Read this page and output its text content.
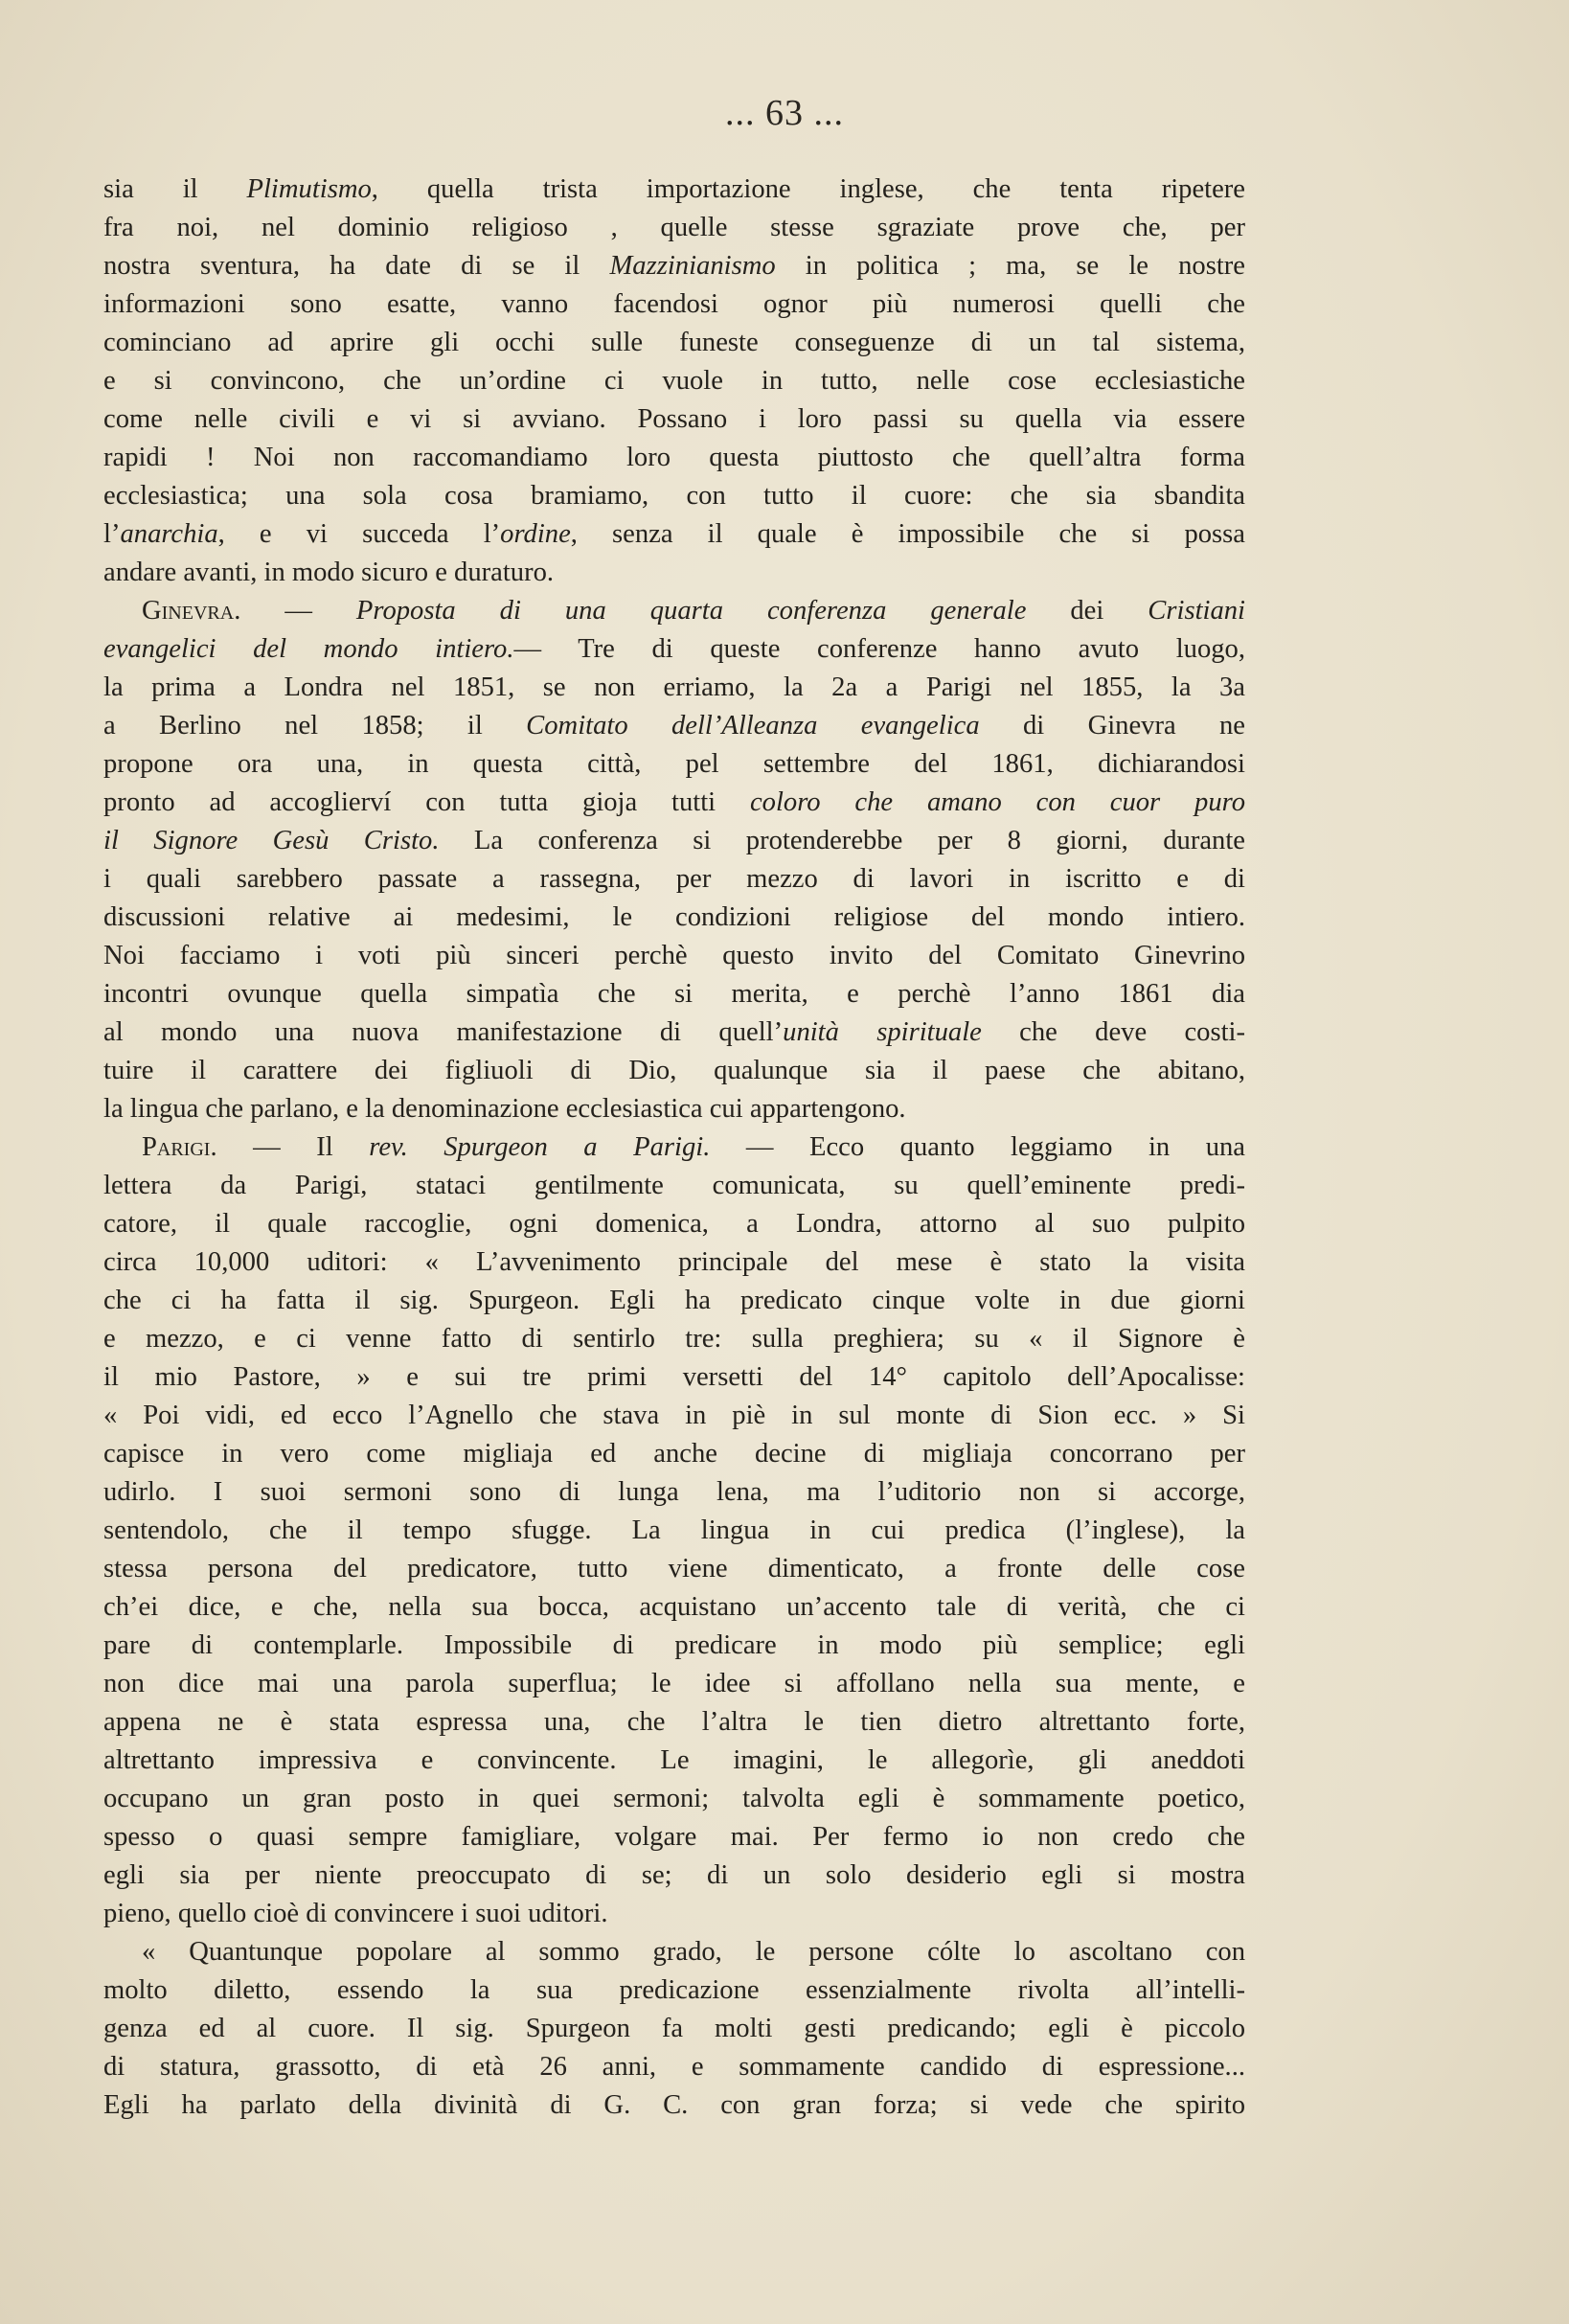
... 63 ...
sia il Plimutismo, quella trista importazione inglese, che tenta ripetere
fra noi, nel dominio religioso , quelle stesse sgraziate prove che, per
nostra sventura, ha date di se il Mazzinianismo in politica ; ma, se le nostre
informazioni sono esatte, vanno facendosi ognor più numerosi quelli che
cominciano ad aprire gli occhi sulle funeste conseguenze di un tal sistema,
e si convincono, che un’ordine ci vuole in tutto, nelle cose ecclesiastiche
come nelle civili e vi si avviano. Possano i loro passi su quella via essere
rapidi ! Noi non raccomandiamo loro questa piuttosto che quell’altra forma
ecclesiastica; una sola cosa bramiamo, con tutto il cuore: che sia sbandita
l’anarchia, e vi succeda l’ordine, senza il quale è impossibile che si possa
andare avanti, in modo sicuro e duraturo.
Ginevra. — Proposta di una quarta conferenza generale dei Cristiani
evangelici del mondo intiero.— Tre di queste conferenze hanno avuto luogo,
la prima a Londra nel 1851, se non erriamo, la 2a a Parigi nel 1855, la 3a
a Berlino nel 1858; il Comitato dell’Alleanza evangelica di Ginevra ne
propone ora una, in questa città, pel settembre del 1861, dichiarandosi
pronto ad accoglierví con tutta gioja tutti coloro che amano con cuor puro
il Signore Gesù Cristo. La conferenza si protenderebbe per 8 giorni, durante
i quali sarebbero passate a rassegna, per mezzo di lavori in iscritto e di
discussioni relative ai medesimi, le condizioni religiose del mondo intiero.
Noi facciamo i voti più sinceri perchè questo invito del Comitato Ginevrino
incontri ovunque quella simpatìa che si merita, e perchè l’anno 1861 dia
al mondo una nuova manifestazione di quell’unità spirituale che deve costi-
tuire il carattere dei figliuoli di Dio, qualunque sia il paese che abitano,
la lingua che parlano, e la denominazione ecclesiastica cui appartengono.
Parigi. — Il rev. Spurgeon a Parigi. — Ecco quanto leggiamo in una
lettera da Parigi, stataci gentilmente comunicata, su quell’eminente predi-
catore, il quale raccoglie, ogni domenica, a Londra, attorno al suo pulpito
circa 10,000 uditori: « L’avvenimento principale del mese è stato la visita
che ci ha fatta il sig. Spurgeon. Egli ha predicato cinque volte in due giorni
e mezzo, e ci venne fatto di sentirlo tre: sulla preghiera; su « il Signore è
il mio Pastore, » e sui tre primi versetti del 14° capitolo dell’Apocalisse:
« Poi vidi, ed ecco l’Agnello che stava in piè in sul monte di Sion ecc. » Si
capisce in vero come migliaja ed anche decine di migliaja concorrano per
udirlo. I suoi sermoni sono di lunga lena, ma l’uditorio non si accorge,
sentendolo, che il tempo sfugge. La lingua in cui predica (l’inglese), la
stessa persona del predicatore, tutto viene dimenticato, a fronte delle cose
ch’ei dice, e che, nella sua bocca, acquistano un’accento tale di verità, che ci
pare di contemplarle. Impossibile di predicare in modo più semplice; egli
non dice mai una parola superflua; le idee si affollano nella sua mente, e
appena ne è stata espressa una, che l’altra le tien dietro altrettanto forte,
altrettanto impressiva e convincente. Le imagini, le allegorìe, gli aneddoti
occupano un gran posto in quei sermoni; talvolta egli è sommamente poetico,
spesso o quasi sempre famigliare, volgare mai. Per fermo io non credo che
egli sia per niente preoccupato di se; di un solo desiderio egli si mostra
pieno, quello cioè di convincere i suoi uditori.
« Quantunque popolare al sommo grado, le persone cólte lo ascoltano con
molto diletto, essendo la sua predicazione essenzialmente rivolta all’intelli-
genza ed al cuore. Il sig. Spurgeon fa molti gesti predicando; egli è piccolo
di statura, grassotto, di età 26 anni, e sommamente candido di espressione...
Egli ha parlato della divinità di G. C. con gran forza; si vede che spirito
